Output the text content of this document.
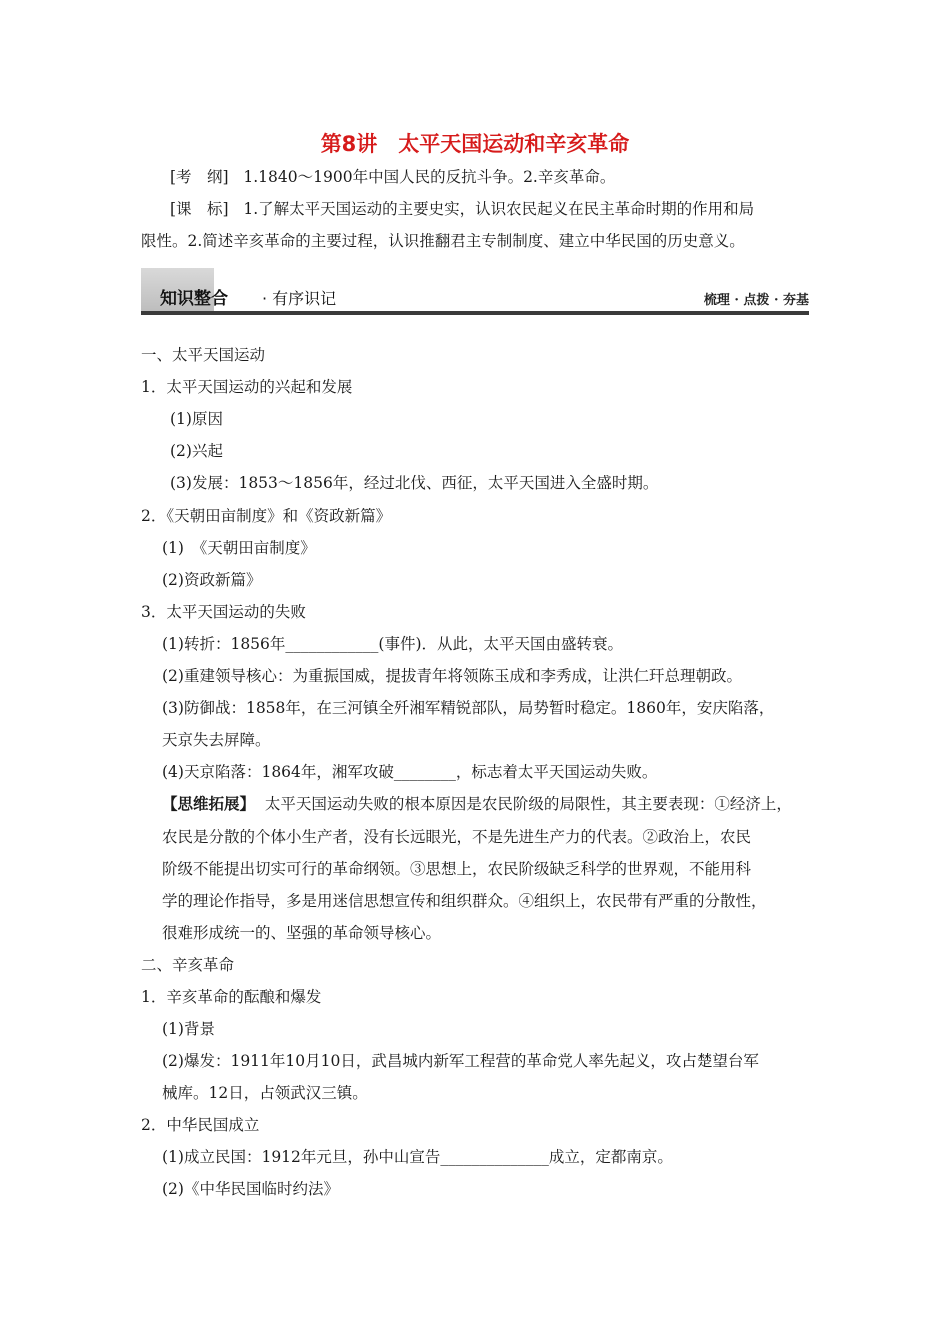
第8讲　太平天国运动和辛亥革命
[考　纲] 1.1840～1900年中国人民的反抗斗争。2.辛亥革命。
[课　标] 1.了解太平天国运动的主要史实，认识农民起义在民主革命时期的作用和局
限性。2.简述辛亥革命的主要过程，认识推翻君主专制制度、建立中华民国的历史意义。
知识整合 · 有序识记	梳理 · 点拨 · 夯基
一、太平天国运动
1．太平天国运动的兴起和发展
(1)原因
(2)兴起
(3)发展：1853～1856年，经过北伐、西征，太平天国进入全盛时期。
2．《天朝田亩制度》和《资政新篇》
(1)　《天朝田亩制度》
(2)资政新篇》
3．太平天国运动的失败
(1)转折：1856年____________(事件)．从此，太平天国由盛转衰。
(2)重建领导核心：为重振国威，提拔青年将领陈玉成和李秀成，让洪仁玕总理朝政。
(3)防御战：1858年，在三河镇全歼湘军精锐部队，局势暂时稳定。1860年，安庆陷落，
天京失去屏障。
(4)天京陷落：1864年，湘军攻破________，标志着太平天国运动失败。
【思维拓展】 太平天国运动失败的根本原因是农民阶级的局限性，其主要表现：①经济上，
农民是分散的个体小生产者，没有长远眼光，不是先进生产力的代表。②政治上，农民
阶级不能提出切实可行的革命纲领。③思想上，农民阶级缺乏科学的世界观，不能用科
学的理论作指导，多是用迷信思想宣传和组织群众。④组织上，农民带有严重的分散性，
很难形成统一的、坚强的革命领导核心。
二、辛亥革命
1．辛亥革命的酝酿和爆发
(1)背景
(2)爆发：1911年10月10日，武昌城内新军工程营的革命党人率先起义，攻占楚望台军
械库。12日，占领武汉三镇。
2．中华民国成立
(1)成立民国：1912年元旦，孙中山宣告______________成立，定都南京。
(2)《中华民国临时约法》
